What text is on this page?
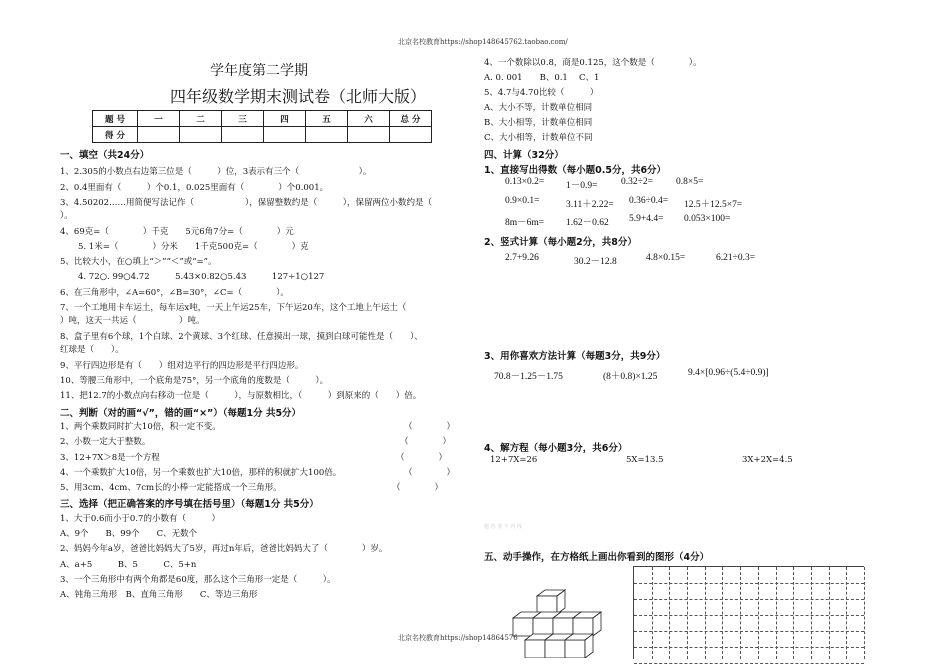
北京名校教育https://shop148645762.taobao.com/
学年度第二学期
四年级数学期末测试卷（北师大版）
题 号	一	二	三	四	五	六	总 分
得 分							
一、填空（共24分）
1、2.305的小数点右边第三位是（　　　）位，3表示有三个（　　　　　　　）。
2、0.4里面有（　　　）个0.1，0.025里面有（　　　　）个0.001。
3、4.50202……用简便写法记作（　　　　　　），保留整数约是（　　　），保留两位小数约是（　　　
）。
4、69克=（　　　　）千克　　5元6角7分=（　　　　）元
5. 1米=（　　　　）分米　　1千克500克=（　　　　）克
5、比较大小，在○填上“＞”“＜”或“=”。
4. 72○. 99○4.72　　　5.43×0.82○5.43　　　127÷1○127
6、在三角形中，∠A=60°，∠B=30°，∠C=（　　　　）。
7、一个工地用卡车运土，每车运x吨，一天上午运25车，下午运20车，这个工地上午运土（
）吨，这天一共运（　　　　　）吨。
8、盒子里有6个球，1个白球、2个黄球、3个红球、任意摸出一球，摸到白球可能性是（　　）、
红球是（　　）。
9、平行四边形是有（　　）组对边平行的四边形是平行四边形。
10、等腰三角形中，一个底角是75°，另一个底角的度数是（　　　）。
11、把12.7的小数点向右移动一位是（　　　），与原数相比，（　　　）到原来的（　　）倍。
二、判断（对的画“√”，错的画“×”）（每题1分 共5分）
1、两个乘数同时扩大10倍，积一定不变。	（　　　　）
2、小数一定大于整数。	（　　　　）
3、12+7X＞8是一个方程	（　　　　）
4、一个乘数扩大10倍，另一个乘数也扩大10倍，那样的积就扩大100倍。	（　　　　）
5、用3cm、4cm、7cm长的小棒一定能搭成一个三角形。	（　　　　）
三、选择（把正确答案的序号填在括号里）（每题1分 共5分）
1、大于0.6而小于0.7的小数有（　　　）
A、9个　　B、99个　　C、无数个
2、妈妈今年a岁，爸爸比妈妈大了5岁，再过n年后，爸爸比妈妈大了（　　　　）岁。
A、a+5　　　B、5　　　C、5+n
3、一个三角形中有两个角都是60度，那么这个三角形一定是（　　　）。
A、钝角三角形　B、直角三角形　　C、等边三角形
4、一个数除以0.8，商是0.125，这个数是（　　　　）。
A. 0. 001　　B、0.1　 C、1
5、4.7与4.70比较（　　　）
A、大小不等，计数单位相同
B、大小相等，计数单位相同
C、大小相等，计数单位不同
四、计算（32分）
1、直接写出得数（每小题0.5分，共6分）
0.13×0.2= 1－0.9= 0.32÷2= 0.8×5=
0.9×0.1=	3.11＋2.22= 0.36÷0.4= 12.5＋12.5×7=
8m－6m= 1.62－0.62 5.9+4.4= 0.053×100=
2、竖式计算（每小题2分，共8分）
2.7+9.26	30.2－12.8	4.8×0.15=	6.21÷0.3=
3、用你喜欢方法计算（每题3分，共9分）
70.8－1.25－1.75	(8＋0.8)×1.25	9.4×[0.96÷(5.4÷0.9)]
4、解方程（每小题3分，共6分）
12+7X=26	5X=13.5	3X+2X=4.5
题 答 要 不 内 线
五、动手操作，在方格纸上画出你看到的图形（4分）
北京名校教育https://shop14864576
